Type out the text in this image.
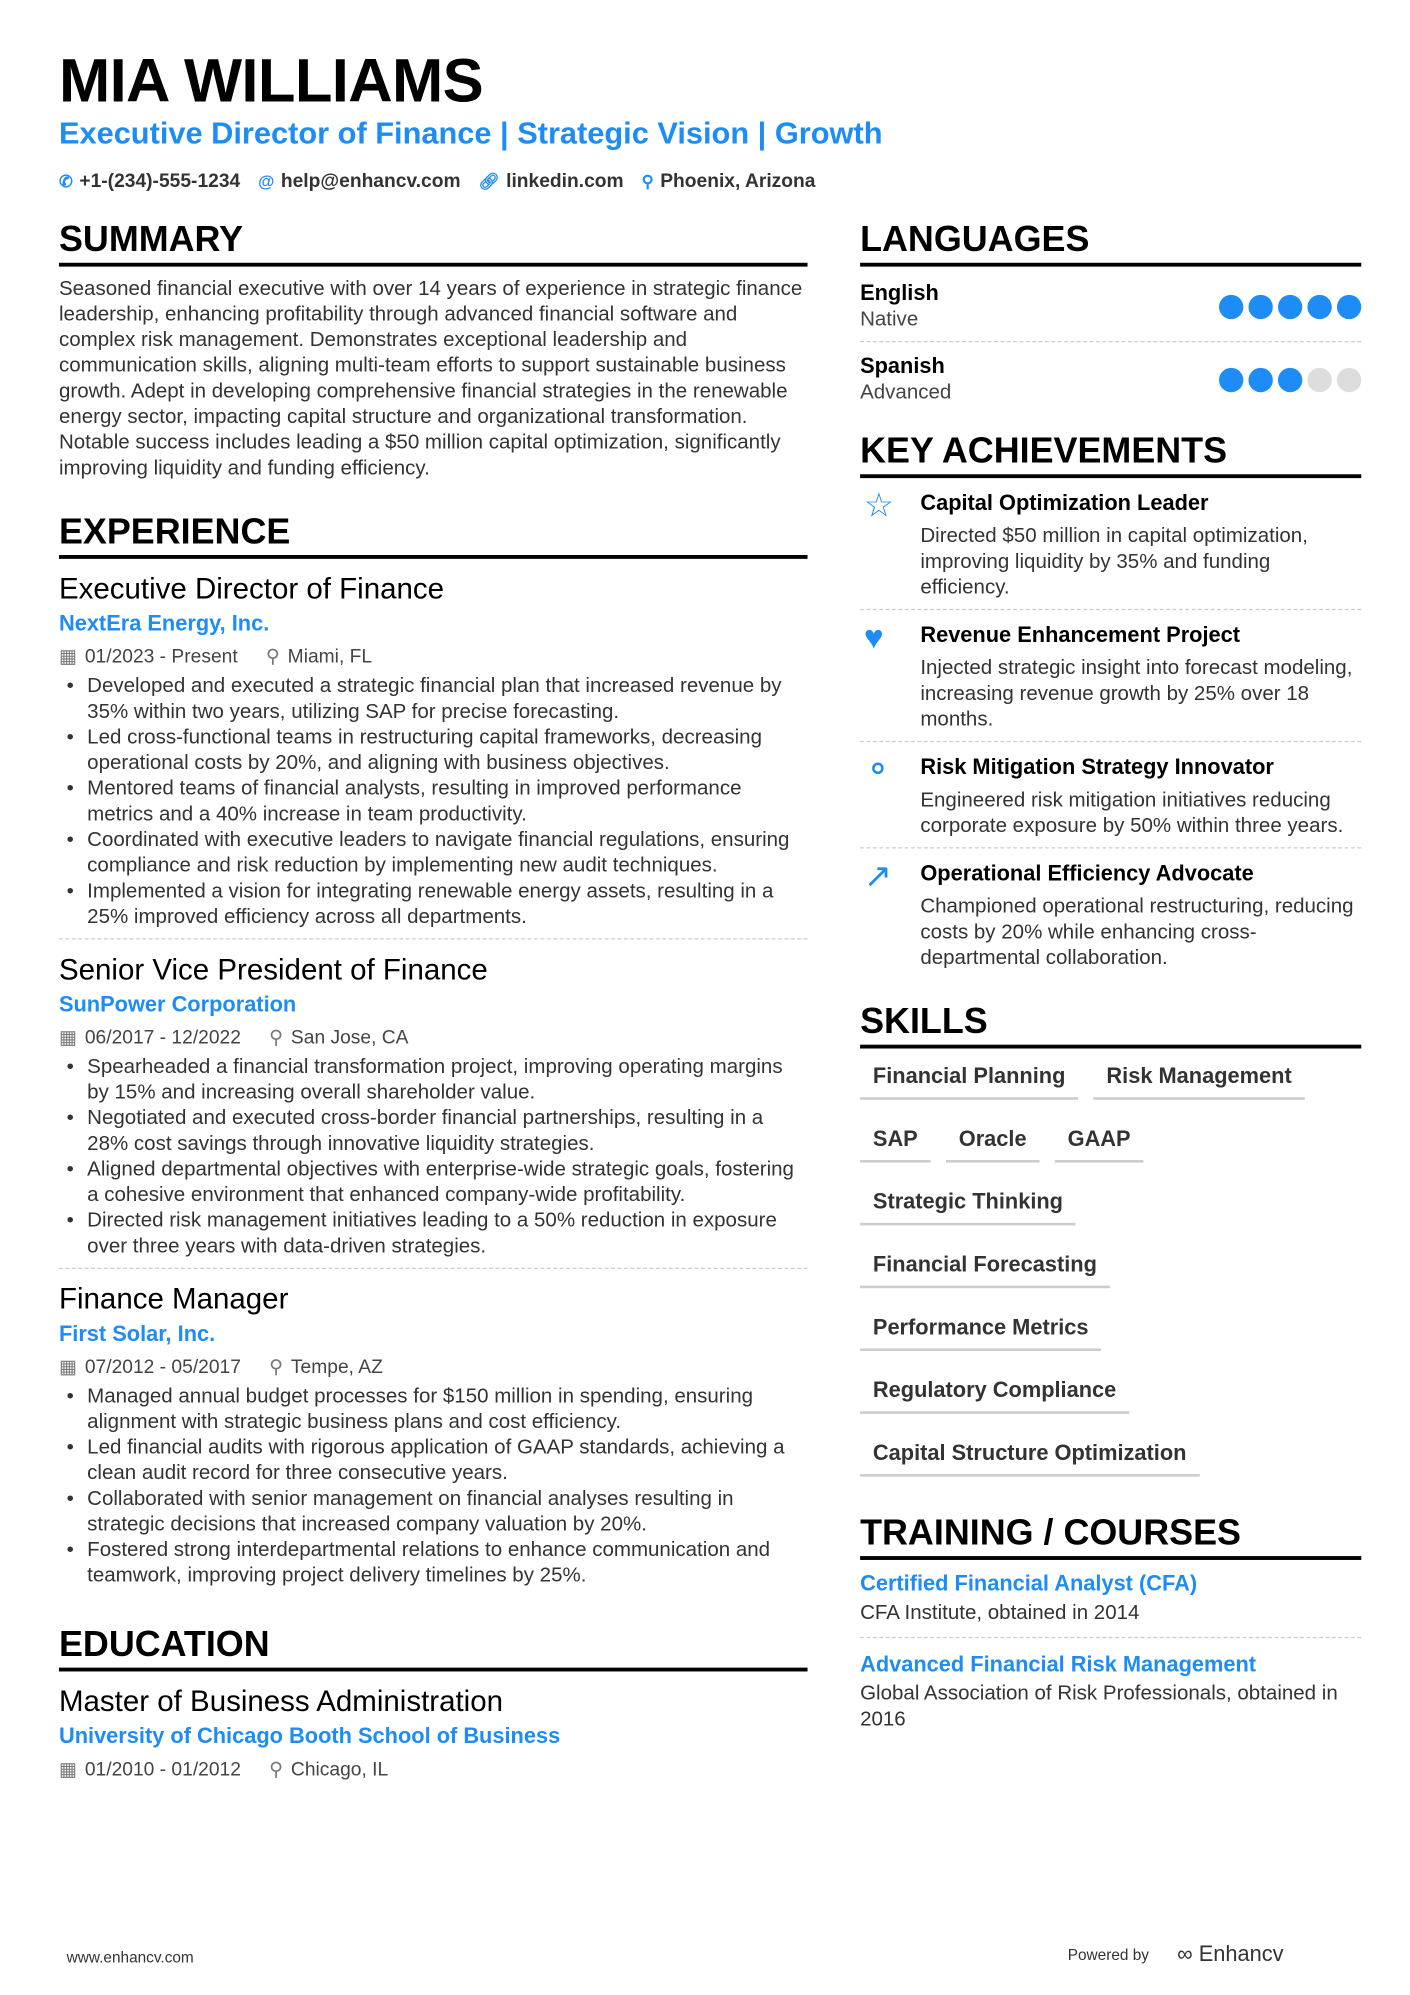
MIA WILLIAMS
Executive Director of Finance | Strategic Vision | Growth
✆ +1-(234)-555-1234 @ help@enhancv.com 🔗︎ linkedin.com ⚲ Phoenix, Arizona
SUMMARY

Seasoned financial executive with over 14 years of experience in strategic finance leadership, enhancing profitability through advanced financial software and complex risk management. Demonstrates exceptional leadership and communication skills, aligning multi-team efforts to support sustainable business growth. Adept in developing comprehensive financial strategies in the renewable energy sector, impacting capital structure and organizational transformation. Notable success includes leading a $50 million capital optimization, significantly improving liquidity and funding efficiency.

EXPERIENCE
Executive Director of Finance
NextEra Energy, Inc.
▦ 01/2023 - Present ⚲ Miami, FL
• Developed and executed a strategic financial plan that increased revenue by 35% within two years, utilizing SAP for precise forecasting.
• Led cross-functional teams in restructuring capital frameworks, decreasing operational costs by 20%, and aligning with business objectives.
• Mentored teams of financial analysts, resulting in improved performance metrics and a 40% increase in team productivity.
• Coordinated with executive leaders to navigate financial regulations, ensuring compliance and risk reduction by implementing new audit techniques.
• Implemented a vision for integrating renewable energy assets, resulting in a 25% improved efficiency across all departments.
Senior Vice President of Finance
SunPower Corporation
▦ 06/2017 - 12/2022 ⚲ San Jose, CA
• Spearheaded a financial transformation project, improving operating margins by 15% and increasing overall shareholder value.
• Negotiated and executed cross-border financial partnerships, resulting in a 28% cost savings through innovative liquidity strategies.
• Aligned departmental objectives with enterprise-wide strategic goals, fostering a cohesive environment that enhanced company-wide profitability.
• Directed risk management initiatives leading to a 50% reduction in exposure over three years with data-driven strategies.
Finance Manager
First Solar, Inc.
▦ 07/2012 - 05/2017 ⚲ Tempe, AZ
• Managed annual budget processes for $150 million in spending, ensuring alignment with strategic business plans and cost efficiency.
• Led financial audits with rigorous application of GAAP standards, achieving a clean audit record for three consecutive years.
• Collaborated with senior management on financial analyses resulting in strategic decisions that increased company valuation by 20%.
• Fostered strong interdepartmental relations to enhance communication and teamwork, improving project delivery timelines by 25%.
EDUCATION
Master of Business Administration
University of Chicago Booth School of Business
▦ 01/2010 - 01/2012 ⚲ Chicago, IL
LANGUAGES
English
Native
Spanish
Advanced
KEY ACHIEVEMENTS
☆	Capital Optimization Leader

Directed $50 million in capital optimization, improving liquidity by 35% and funding efficiency.

♥	Revenue Enhancement Project

Injected strategic insight into forecast modeling, increasing revenue growth by 25% over 18 months.

⚬	Risk Mitigation Strategy Innovator

Engineered risk mitigation initiatives reducing corporate exposure by 50% within three years.

↗	Operational Efficiency Advocate

Championed operational restructuring, reducing costs by 20% while enhancing cross-departmental collaboration.

SKILLS
Financial Planning	Risk Management
SAP	Oracle	GAAP
Strategic Thinking
Financial Forecasting
Performance Metrics
Regulatory Compliance
Capital Structure Optimization
TRAINING / COURSES
Certified Financial Analyst (CFA)

CFA Institute, obtained in 2014

Advanced Financial Risk Management

Global Association of Risk Professionals, obtained in 2016

www.enhancv.com	Powered by ∞ Enhancv
